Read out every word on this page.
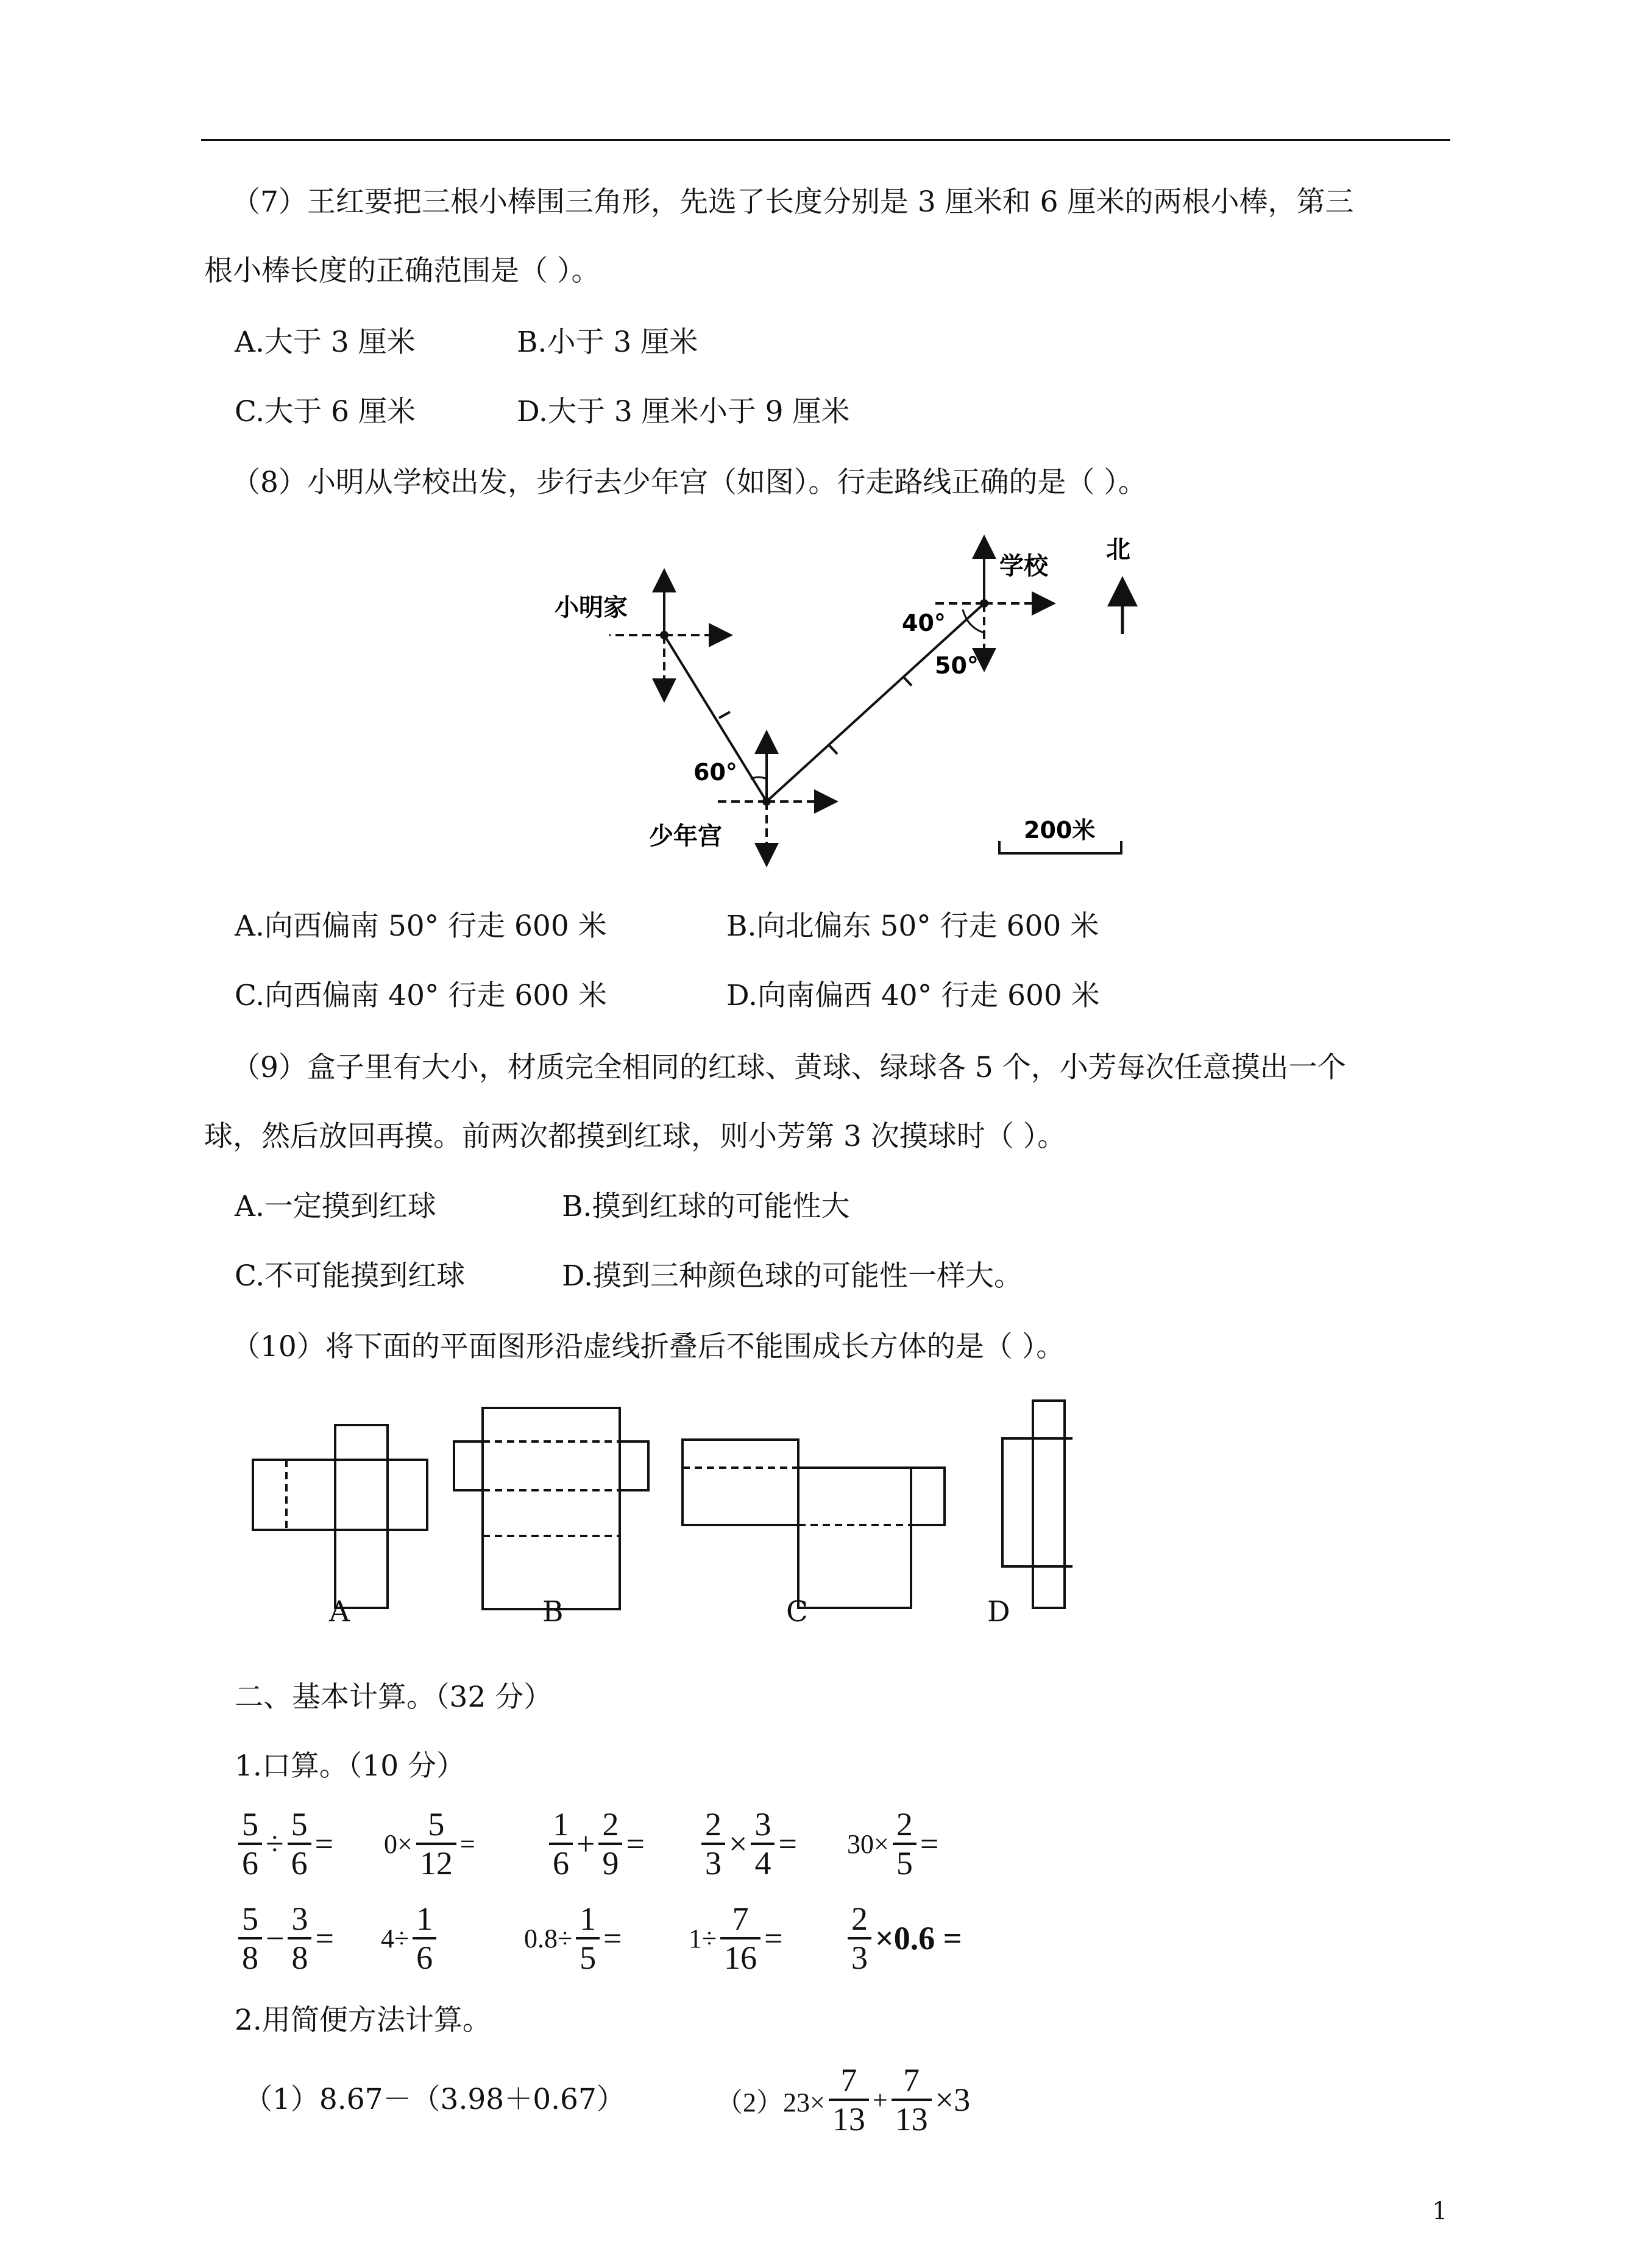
（7）王红要把三根小棒围三角形，先选了长度分别是 3 厘米和 6 厘米的两根小棒，第三
根小棒长度的正确范围是（ ）。
A.大于 3 厘米	B.小于 3 厘米
C.大于 6 厘米	D.大于 3 厘米小于 9 厘米
（8）小明从学校出发，步行去少年宫（如图）。行走路线正确的是（ ）。
小明家
学校
北
少年宫
40°
50°
60°
200米
A.向西偏南 50° 行走 600 米	B.向北偏东 50° 行走 600 米
C.向西偏南 40° 行走 600 米	D.向南偏西 40° 行走 600 米
（9）盒子里有大小，材质完全相同的红球、黄球、绿球各 5 个，小芳每次任意摸出一个
球，然后放回再摸。前两次都摸到红球，则小芳第 3 次摸球时（ ）。
A.一定摸到红球	B.摸到红球的可能性大
C.不可能摸到红球	D.摸到三种颜色球的可能性一样大。
（10）将下面的平面图形沿虚线折叠后不能围成长方体的是（ ）。
A	B	C	D
二、基本计算。（32 分）
1.口算。（10 分）
$\frac{5}{6} \div \frac{5}{6} = 0\times \frac{5}{12} = \frac{1}{6} + \frac{2}{9} = \frac{2}{3} \times \frac{3}{4} = 30\times \frac{2}{5}$ =
$\frac{5}{8} - \frac{3}{8} = 4\div \frac{1}{6}$	$0.8\div \frac{1}{5} = 1\div \frac{7}{16} = \frac{2}{3} \times 0.6$ =
2.用简便方法计算。
（1）8.67－（3.98＋0.67）	$(2)23\times \frac{7}{13} + \frac{7}{13} \times 3$
1
